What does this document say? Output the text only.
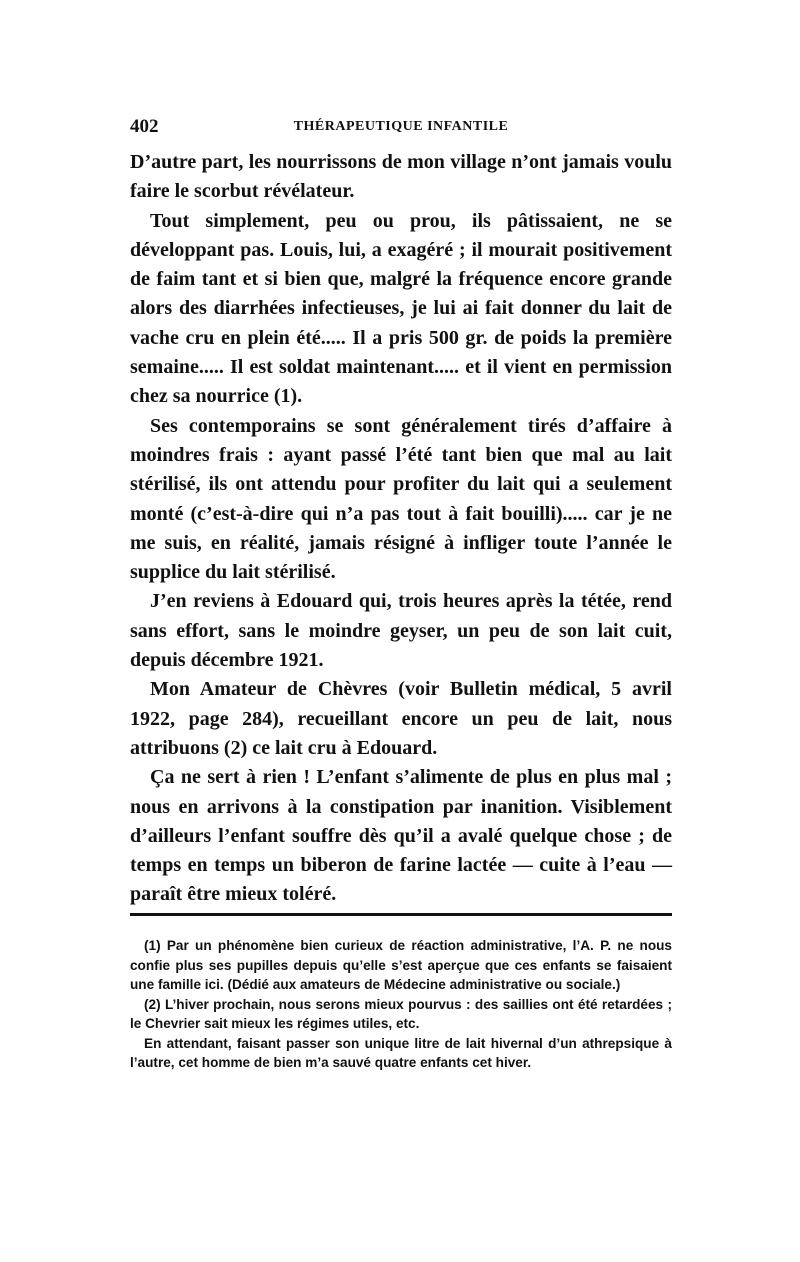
402	THÉRAPEUTIQUE INFANTILE

D’autre part, les nourrissons de mon village n’ont jamais voulu faire le scorbut révélateur.

Tout simplement, peu ou prou, ils pâtissaient, ne se développant pas. Louis, lui, a exagéré ; il mourait positivement de faim tant et si bien que, malgré la fréquence encore grande alors des diarrhées infectieuses, je lui ai fait donner du lait de vache cru en plein été..... Il a pris 500 gr. de poids la première semaine..... Il est soldat maintenant..... et il vient en permission chez sa nourrice (1).

Ses contemporains se sont généralement tirés d’affaire à moindres frais : ayant passé l’été tant bien que mal au lait stérilisé, ils ont attendu pour profiter du lait qui a seulement monté (c’est-à-dire qui n’a pas tout à fait bouilli)..... car je ne me suis, en réalité, jamais résigné à infliger toute l’année le supplice du lait stérilisé.

J’en reviens à Edouard qui, trois heures après la tétée, rend sans effort, sans le moindre geyser, un peu de son lait cuit, depuis décembre 1921.

Mon Amateur de Chèvres (voir Bulletin médical, 5 avril 1922, page 284), recueillant encore un peu de lait, nous attribuons (2) ce lait cru à Edouard.

Ça ne sert à rien ! L’enfant s’alimente de plus en plus mal ; nous en arrivons à la constipation par inanition. Visiblement d’ailleurs l’enfant souffre dès qu’il a avalé quelque chose ; de temps en temps un biberon de farine lactée — cuite à l’eau — paraît être mieux toléré.

(1) Par un phénomène bien curieux de réaction administrative, l’A. P. ne nous confie plus ses pupilles depuis qu’elle s’est aperçue que ces enfants se faisaient une famille ici. (Dédié aux amateurs de Médecine administrative ou sociale.)

(2) L’hiver prochain, nous serons mieux pourvus : des saillies ont été retardées ; le Chevrier sait mieux les régimes utiles, etc.

En attendant, faisant passer son unique litre de lait hivernal d’un athrepsique à l’autre, cet homme de bien m’a sauvé quatre enfants cet hiver.
